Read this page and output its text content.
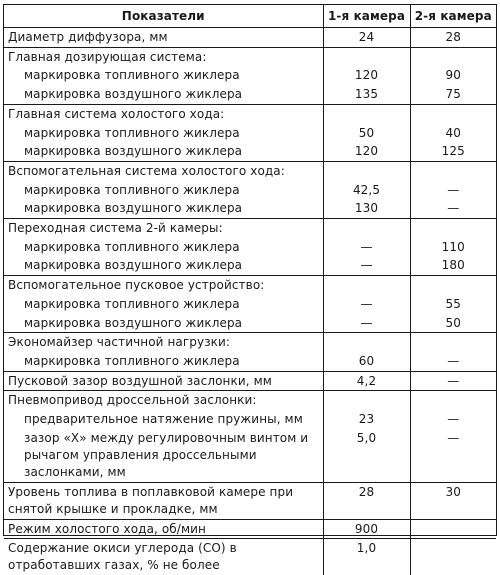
Показатели	1-я камера	2-я камера
Диаметр диффузора, мм	24	28
Главная дозирующая система:		
маркировка топливного жиклера	120	90
маркировка воздушного жиклера	135	75
Главная система холостого хода:		
маркировка топливного жиклера	50	40
маркировка воздушного жиклера	120	125
Вспомогательная система холостого хода:		
маркировка топливного жиклера	42,5	—
маркировка воздушного жиклера	130	—
Переходная система 2-й камеры:		
маркировка топливного жиклера	—	110
маркировка воздушного жиклера	—	180
Вспомогательное пусковое устройство:		
маркировка топливного жиклера	—	55
маркировка воздушного жиклера	—	50
Экономайзер частичной нагрузки:		
маркировка топливного жиклера	60	—
Пусковой зазор воздушной заслонки, мм	4,2	—
Пневмопривод дроссельной заслонки:		
предварительное натяжение пружины, мм	23	—
зазор «Х» между регулировочным винтом и рычагом управления дроссельными заслонками, мм	5,0	—
Уровень топлива в поплавковой камере при снятой крышке и прокладке, мм	28	30
Режим холостого хода, об/мин	900	
Содержание окиси углерода (СО) в отработавших газах, % не более	1,0	
